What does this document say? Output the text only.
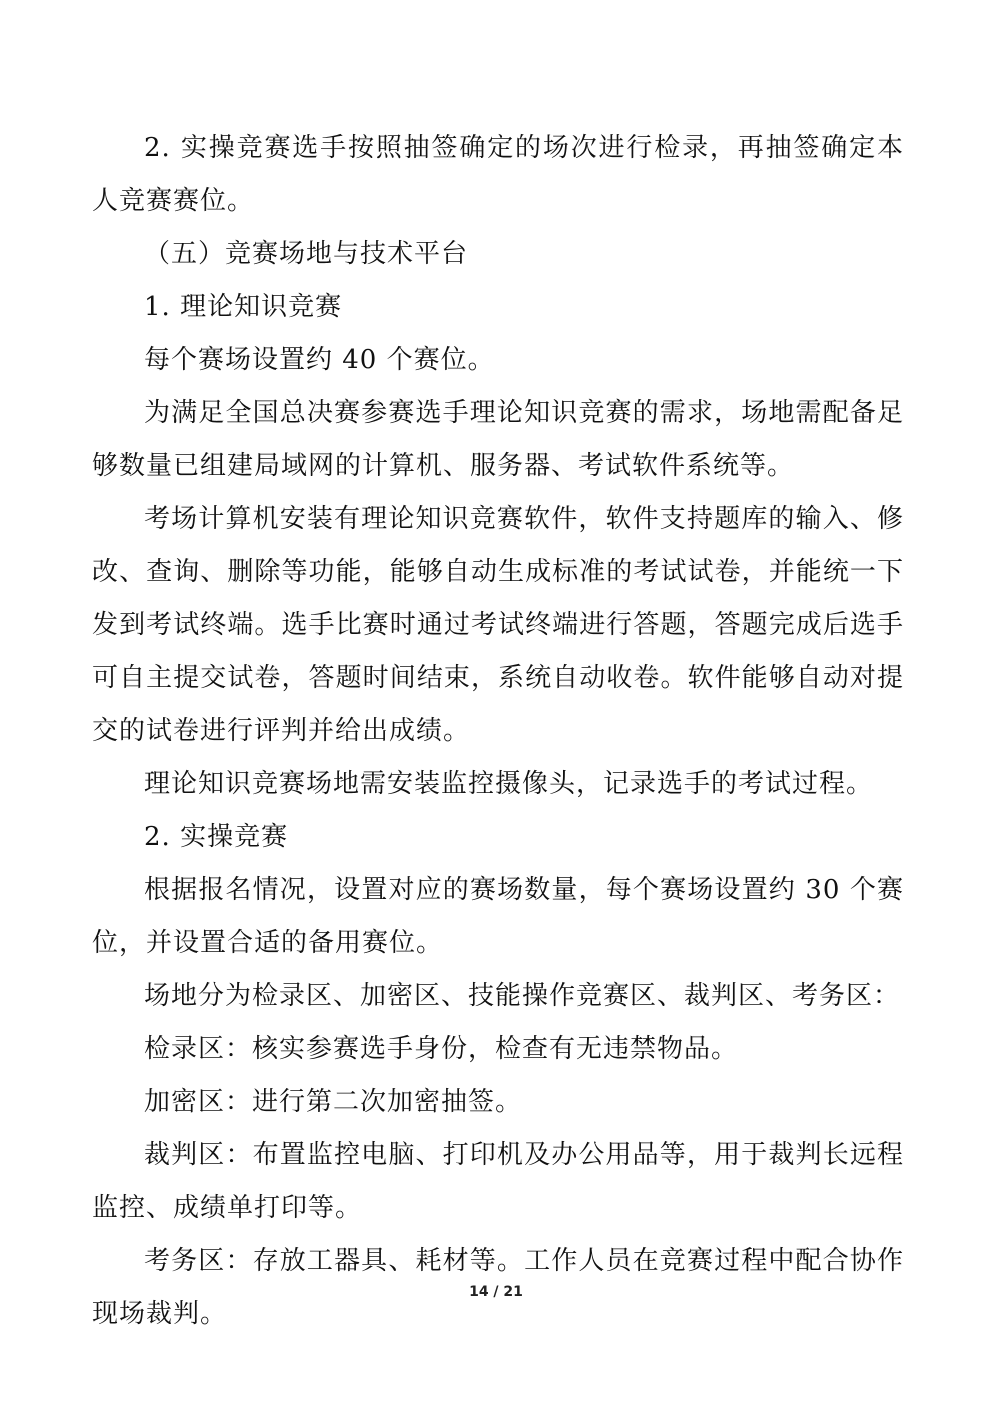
2. 实操竞赛选手按照抽签确定的场次进行检录，再抽签确定本人竞赛赛位。

（五）竞赛场地与技术平台

1. 理论知识竞赛

每个赛场设置约 40 个赛位。

为满足全国总决赛参赛选手理论知识竞赛的需求，场地需配备足够数量已组建局域网的计算机、服务器、考试软件系统等。

考场计算机安装有理论知识竞赛软件，软件支持题库的输入、修改、查询、删除等功能，能够自动生成标准的考试试卷，并能统一下发到考试终端。选手比赛时通过考试终端进行答题，答题完成后选手可自主提交试卷，答题时间结束，系统自动收卷。软件能够自动对提交的试卷进行评判并给出成绩。

理论知识竞赛场地需安装监控摄像头，记录选手的考试过程。

2. 实操竞赛

根据报名情况，设置对应的赛场数量，每个赛场设置约 30 个赛位，并设置合适的备用赛位。

场地分为检录区、加密区、技能操作竞赛区、裁判区、考务区：

检录区：核实参赛选手身份，检查有无违禁物品。

加密区：进行第二次加密抽签。

裁判区：布置监控电脑、打印机及办公用品等，用于裁判长远程监控、成绩单打印等。

考务区：存放工器具、耗材等。工作人员在竞赛过程中配合协作现场裁判。

14 / 21
